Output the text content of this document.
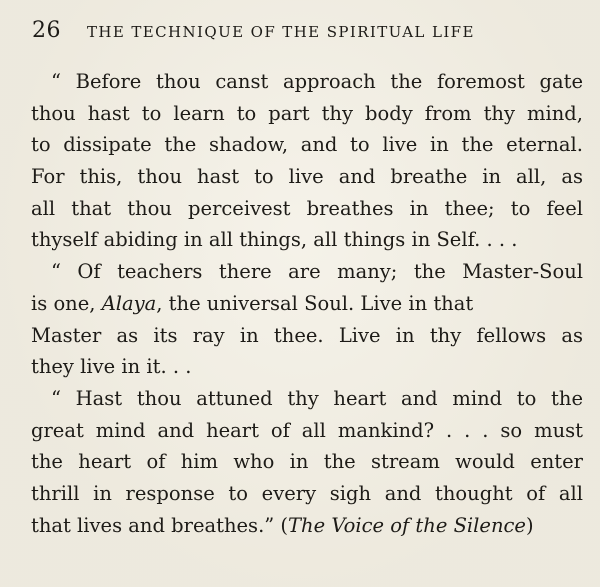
26 THE TECHNIQUE OF THE SPIRITUAL LIFE
“ Before thou canst approach the foremost gate
thou hast to learn to part thy body from thy mind,
to dissipate the shadow, and to live in the eternal.
For this, thou hast to live and breathe in all, as
all that thou perceivest breathes in thee; to feel
thyself abiding in all things, all things in Self. . . .
“ Of teachers there are many; the Master-Soul
is one, Alaya, the universal Soul. Live in that
Master as its ray in thee. Live in thy fellows as
they live in it. . .
“ Hast thou attuned thy heart and mind to the
great mind and heart of all mankind? . . . so must
the heart of him who in the stream would enter
thrill in response to every sigh and thought of all
that lives and breathes.” (The Voice of the Silence)
